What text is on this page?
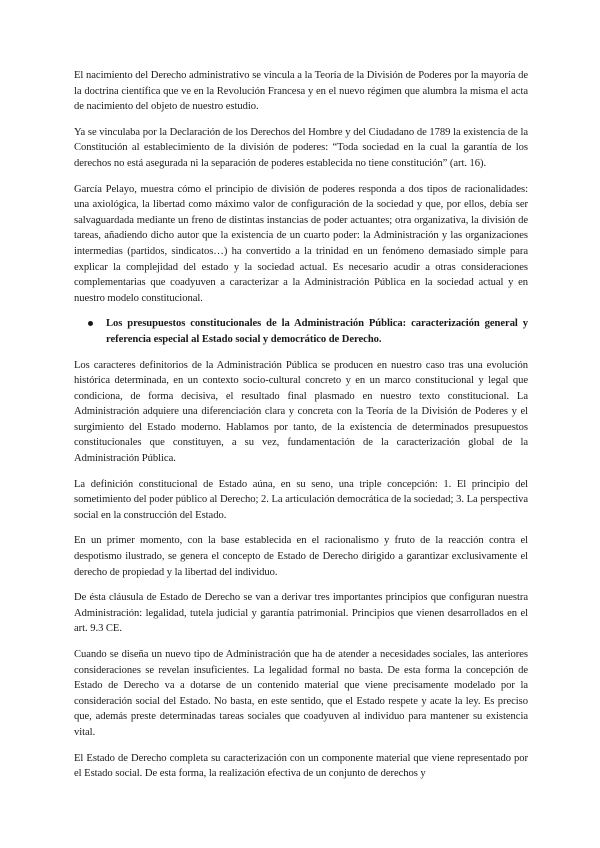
El nacimiento del Derecho administrativo se vincula a la Teoría de la División de Poderes por la mayoría de la doctrina científica que ve en la Revolución Francesa y en el nuevo régimen que alumbra la misma el acta de nacimiento del objeto de nuestro estudio.

Ya se vinculaba por la Declaración de los Derechos del Hombre y del Ciudadano de 1789 la existencia de la Constitución al establecimiento de la división de poderes: “Toda sociedad en la cual la garantía de los derechos no está asegurada ni la separación de poderes establecida no tiene constitución” (art. 16).

García Pelayo, muestra cómo el principio de división de poderes responda a dos tipos de racionalidades: una axiológica, la libertad como máximo valor de configuración de la sociedad y que, por ellos, debía ser salvaguardada mediante un freno de distintas instancias de poder actuantes; otra organizativa, la división de tareas, añadiendo dicho autor que la existencia de un cuarto poder: la Administración y las organizaciones intermedias (partidos, sindicatos…) ha convertido a la trinidad en un fenómeno demasiado simple para explicar la complejidad del estado y la sociedad actual. Es necesario acudir a otras consideraciones complementarias que coadyuven a caracterizar a la Administración Pública en la sociedad actual y en nuestro modelo constitucional.

Los presupuestos constitucionales de la Administración Pública: caracterización general y referencia especial al Estado social y democrático de Derecho.

Los caracteres definitorios de la Administración Pública se producen en nuestro caso tras una evolución histórica determinada, en un contexto socio-cultural concreto y en un marco constitucional y legal que condiciona, de forma decisiva, el resultado final plasmado en nuestro texto constitucional. La Administración adquiere una diferenciación clara y concreta con la Teoría de la División de Poderes y el surgimiento del Estado moderno. Hablamos por tanto, de la existencia de determinados presupuestos constitucionales que constituyen, a su vez, fundamentación de la caracterización global de la Administración Pública.

La definición constitucional de Estado aúna, en su seno, una triple concepción: 1. El principio del sometimiento del poder público al Derecho; 2. La articulación democrática de la sociedad; 3. La perspectiva social en la construcción del Estado.

En un primer momento, con la base establecida en el racionalismo y fruto de la reacción contra el despotismo ilustrado, se genera el concepto de Estado de Derecho dirigido a garantizar exclusivamente el derecho de propiedad y la libertad del individuo.

De ésta cláusula de Estado de Derecho se van a derivar tres importantes principios que configuran nuestra Administración: legalidad, tutela judicial y garantía patrimonial. Principios que vienen desarrollados en el art. 9.3 CE.

Cuando se diseña un nuevo tipo de Administración que ha de atender a necesidades sociales, las anteriores consideraciones se revelan insuficientes. La legalidad formal no basta. De esta forma la concepción de Estado de Derecho va a dotarse de un contenido material que viene precisamente modelado por la consideración social del Estado. No basta, en este sentido, que el Estado respete y acate la ley. Es preciso que, además preste determinadas tareas sociales que coadyuven al individuo para mantener su existencia vital.

El Estado de Derecho completa su caracterización con un componente material que viene representado por el Estado social. De esta forma, la realización efectiva de un conjunto de derechos y
